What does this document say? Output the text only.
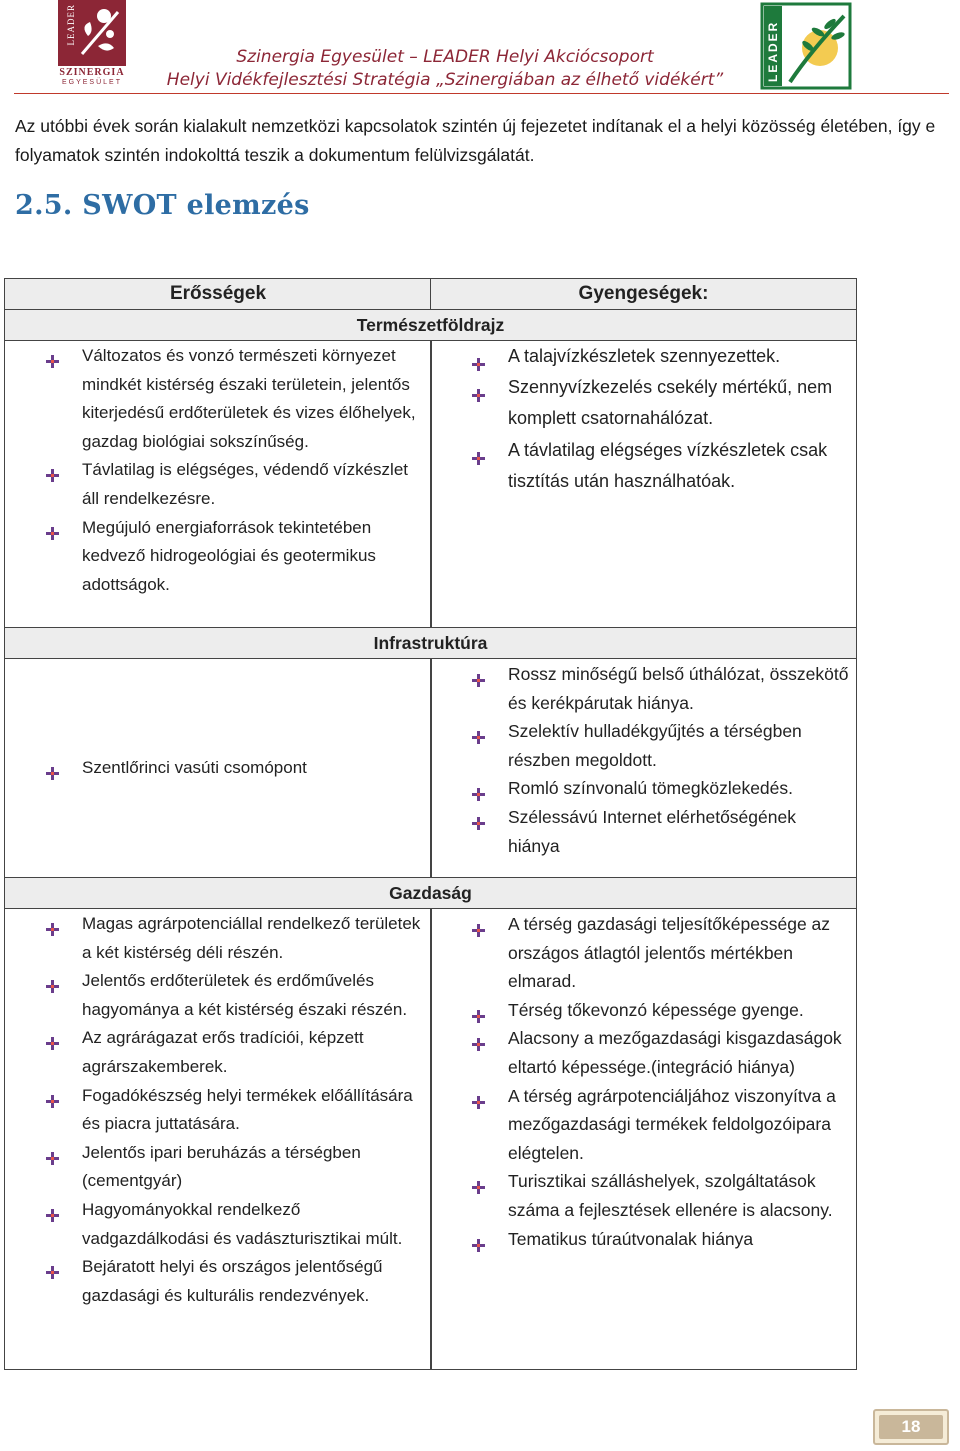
LEADER
SZINERGIA
EGYESÜLET
Szinergia Egyesület – LEADER Helyi Akciócsoport
Helyi Vidékfejlesztési Stratégia „Szinergiában az élhető vidékért”	LEADER
Az utóbbi évek során kialakult nemzetközi kapcsolatok szintén új fejezetet indítanak el a helyi közösség életében, így e folyamatok szintén indokolttá teszik a dokumentum felülvizsgálatát.
2.5. SWOT elemzés
Erősségek	Gyengeségek:
Természetföldrajz
Változatos és vonzó természeti környezet mindkét kistérség északi területein, jelentős kiterjedésű erdőterületek és vizes élőhelyek, gazdag biológiai sokszínűség.
Távlatilag is elégséges, védendő vízkészlet áll rendelkezésre.
Megújuló energiaforrások tekintetében kedvező hidrogeológiai és geotermikus adottságok.
A talajvízkészletek szennyezettek.
Szennyvízkezelés csekély mértékű, nem komplett csatornahálózat.
A távlatilag elégséges vízkészletek csak tisztítás után használhatóak.
Infrastruktúra
Szentlőrinci vasúti csomópont
Rossz minőségű belső úthálózat, összekötő és kerékpárutak hiánya.
Szelektív hulladékgyűjtés a térségben részben megoldott.
Romló színvonalú tömegközlekedés.
Szélessávú Internet elérhetőségének hiánya
Gazdaság
Magas agrárpotenciállal rendelkező területek a két kistérség déli részén.
Jelentős erdőterületek és erdőművelés hagyománya a két kistérség északi részén.
Az agrárágazat erős tradíciói, képzett agrárszakemberek.
Fogadókészség helyi termékek előállítására és piacra juttatására.
Jelentős ipari beruházás a térségben (cementgyár)
Hagyományokkal rendelkező vadgazdálkodási és vadászturisztikai múlt.
Bejáratott helyi és országos jelentőségű gazdasági és kulturális rendezvények.
A térség gazdasági teljesítőképessége az országos átlagtól jelentős mértékben elmarad.
Térség tőkevonzó képessége gyenge.
Alacsony a mezőgazdasági kisgazdaságok eltartó képessége.(integráció hiánya)
A térség agrárpotenciáljához viszonyítva a mezőgazdasági termékek feldolgozóipara elégtelen.
Turisztikai szálláshelyek, szolgáltatások száma a fejlesztések ellenére is alacsony.
Tematikus túraútvonalak hiánya
18
